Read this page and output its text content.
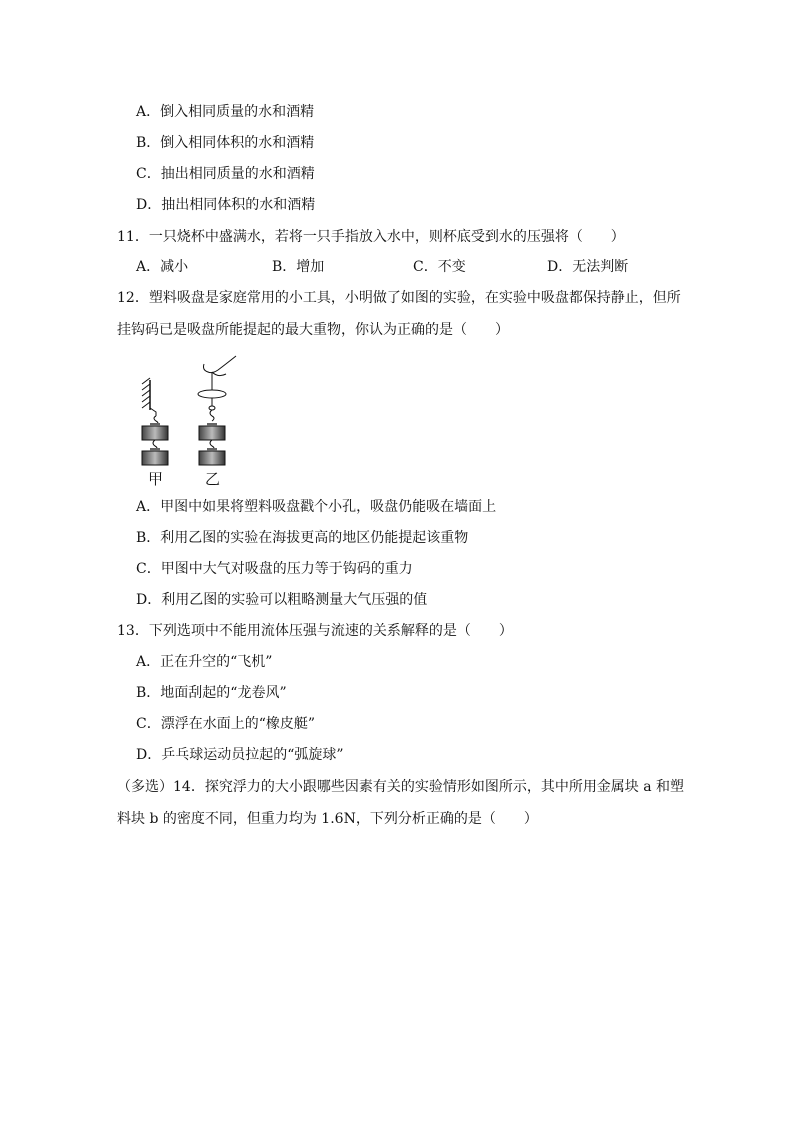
A．倒入相同质量的水和酒精
B．倒入相同体积的水和酒精
C．抽出相同质量的水和酒精
D．抽出相同体积的水和酒精
11．一只烧杯中盛满水，若将一只手指放入水中，则杯底受到水的压强将（　　）
A．减小	B．增加	C．不变	D．无法判断
12．塑料吸盘是家庭常用的小工具，小明做了如图的实验，在实验中吸盘都保持静止，但所
挂钩码已是吸盘所能提起的最大重物，你认为正确的是（　　）
甲	乙
A．甲图中如果将塑料吸盘戳个小孔，吸盘仍能吸在墙面上
B．利用乙图的实验在海拔更高的地区仍能提起该重物
C．甲图中大气对吸盘的压力等于钩码的重力
D．利用乙图的实验可以粗略测量大气压强的值
13．下列选项中不能用流体压强与流速的关系解释的是（　　）
A．正在升空的“飞机”
B．地面刮起的“龙卷风”
C．漂浮在水面上的“橡皮艇”
D．乒乓球运动员拉起的“弧旋球”
（多选）14．探究浮力的大小跟哪些因素有关的实验情形如图所示，其中所用金属块 a 和塑
料块 b 的密度不同，但重力均为 1.6N，下列分析正确的是（　　）
